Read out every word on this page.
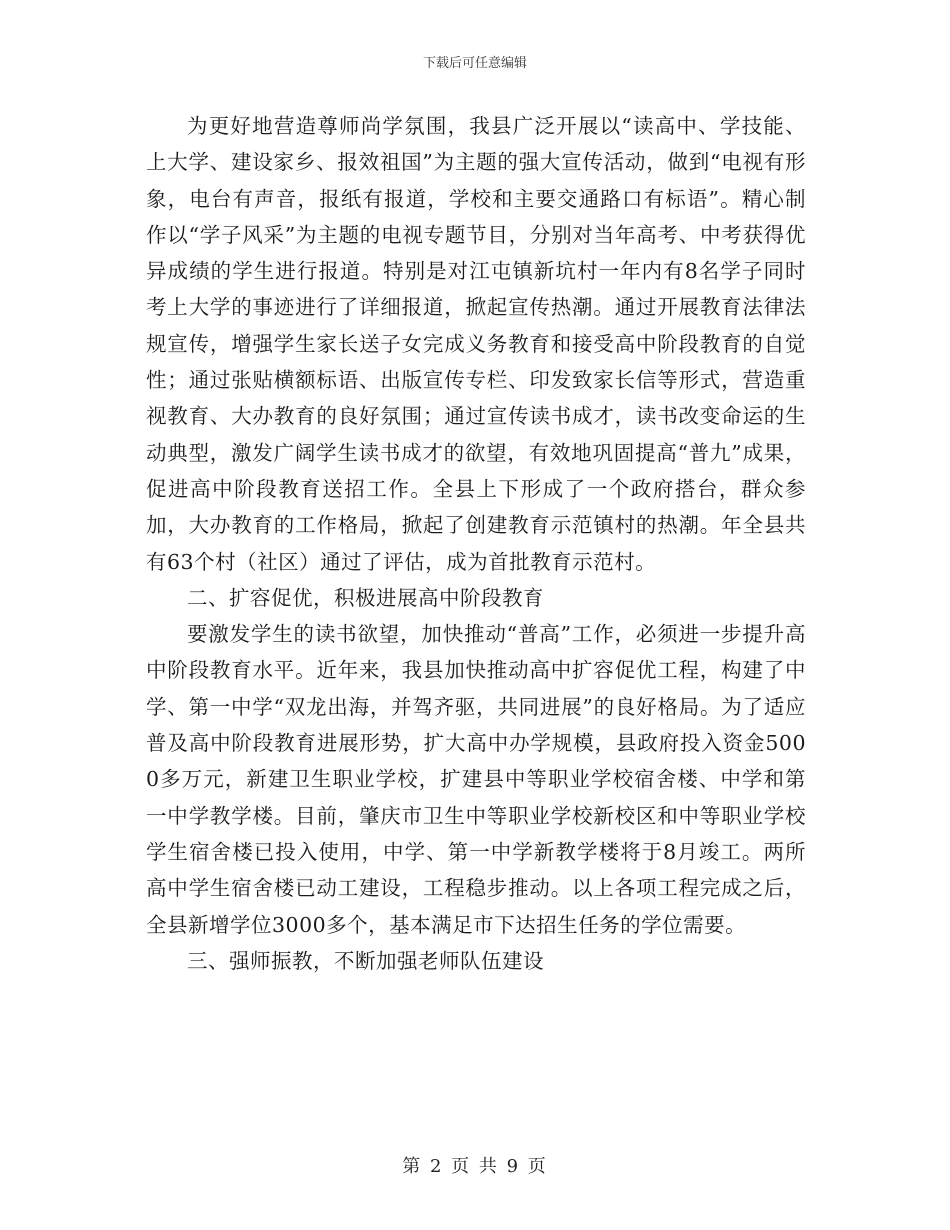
下载后可任意编辑

为更好地营造尊师尚学氛围，我县广泛开展以“读高中、学技能、上大学、建设家乡、报效祖国”为主题的强大宣传活动，做到“电视有形象，电台有声音，报纸有报道，学校和主要交通路口有标语”。精心制作以“学子风采”为主题的电视专题节目，分别对当年高考、中考获得优异成绩的学生进行报道。特别是对江屯镇新坑村一年内有8名学子同时考上大学的事迹进行了详细报道，掀起宣传热潮。通过开展教育法律法规宣传，增强学生家长送子女完成义务教育和接受高中阶段教育的自觉性；通过张贴横额标语、出版宣传专栏、印发致家长信等形式，营造重视教育、大办教育的良好氛围；通过宣传读书成才，读书改变命运的生动典型，激发广阔学生读书成才的欲望，有效地巩固提高“普九”成果，促进高中阶段教育送招工作。全县上下形成了一个政府搭台，群众参加，大办教育的工作格局，掀起了创建教育示范镇村的热潮。年全县共有63个村（社区）通过了评估，成为首批教育示范村。

二、扩容促优，积极进展高中阶段教育

要激发学生的读书欲望，加快推动“普高”工作，必须进一步提升高中阶段教育水平。近年来，我县加快推动高中扩容促优工程，构建了中学、第一中学“双龙出海，并驾齐驱，共同进展”的良好格局。为了适应普及高中阶段教育进展形势，扩大高中办学规模，县政府投入资金5000多万元，新建卫生职业学校，扩建县中等职业学校宿舍楼、中学和第一中学教学楼。目前，肇庆市卫生中等职业学校新校区和中等职业学校学生宿舍楼已投入使用，中学、第一中学新教学楼将于8月竣工。两所高中学生宿舍楼已动工建设，工程稳步推动。以上各项工程完成之后，全县新增学位3000多个，基本满足市下达招生任务的学位需要。

三、强师振教，不断加强老师队伍建设

第 2 页 共 9 页
